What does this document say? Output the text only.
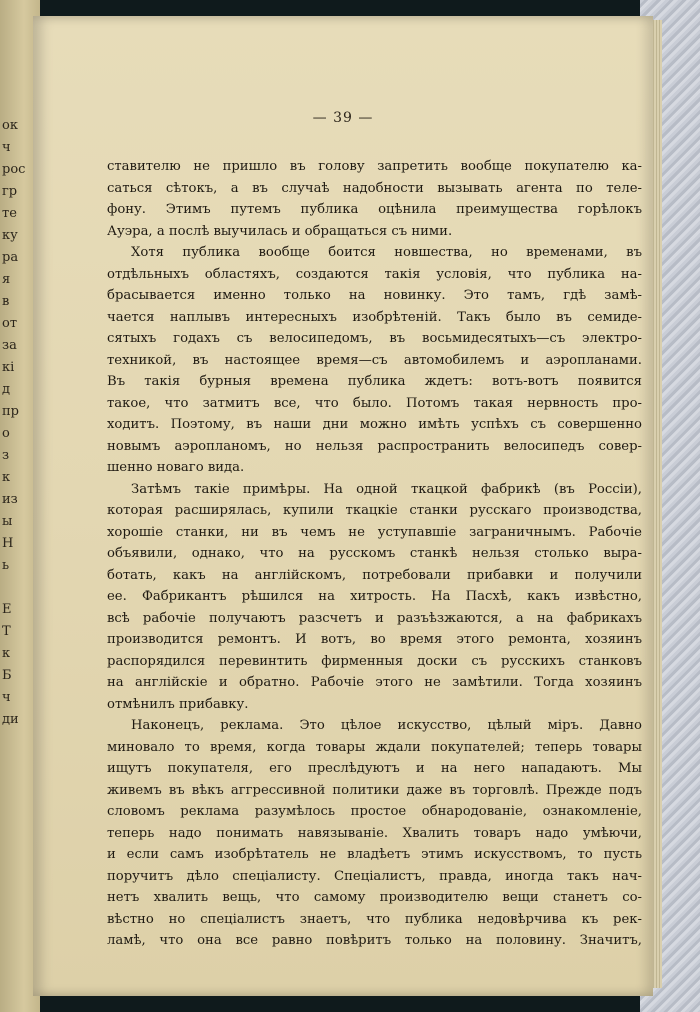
ок
ч
рос
гр
те
ку
ра
я
в
от
за
кі
д
пр
о
з
к
из
ы
Н
ь
Е
Т
к
Б
ч
ди
— 39 —
ставителю не пришло въ голову запретить вообще покупателю ка-
саться сѣтокъ, а въ случаѣ надобности вызывать агента по теле-
фону. Этимъ путемъ публика оцѣнила преимущества горѣлокъ
Ауэра, а послѣ выучилась и обращаться съ ними.
Хотя публика вообще боится новшества, но временами, въ
отдѣльныхъ областяхъ, создаются такія условія, что публика на-
брасывается именно только на новинку. Это тамъ, гдѣ замѣ-
чается наплывъ интересныхъ изобрѣтеній. Такъ было въ семидe-
сятыхъ годахъ съ велосипедомъ, въ восьмидесятыхъ—съ электро-
техникой, въ настоящее время—съ автомобилемъ и аэропланами.
Въ такія бурныя времена публика ждетъ: вотъ-вотъ появится
такое, что затмитъ все, что было. Потомъ такая нервность про-
ходитъ. Поэтому, въ наши дни можно имѣть успѣхъ съ совершенно
новымъ аэропланомъ, но нельзя распространить велосипедъ совер-
шенно новаго вида.
Затѣмъ такіе примѣры. На одной ткацкой фабрикѣ (въ Россіи),
которая расширялась, купили ткацкіе станки русскаго производства,
хорошіе станки, ни въ чемъ не уступавшіе заграничнымъ. Рабочіе
объявили, однако, что на русскомъ станкѣ нельзя столько выра-
ботать, какъ на англійскомъ, потребовали прибавки и получили
ее. Фабрикантъ рѣшился на хитрость. На Пасхѣ, какъ извѣстно,
всѣ рабочіе получаютъ разсчетъ и разъѣзжаются, а на фабрикахъ
производится ремонтъ. И вотъ, во время этого ремонта, хозяинъ
распорядился перевинтить фирменныя доски съ русскихъ станковъ
на англійскіе и обратно. Рабочіе этого не замѣтили. Тогда хозяинъ
отмѣнилъ прибавку.
Наконецъ, реклама. Это цѣлое искусство, цѣлый міръ. Давно
миновало то время, когда товары ждали покупателей; теперь товары
ищутъ покупателя, его преслѣдуютъ и на него нападаютъ. Мы
живемъ въ вѣкъ аггрессивной политики даже въ торговлѣ. Прежде подъ
словомъ реклама разумѣлось простое обнародованіе, ознакомленіе,
теперь надо понимать навязываніе. Хвалить товаръ надо умѣючи,
и если самъ изобрѣтатель не владѣетъ этимъ искусствомъ, то пусть
поручитъ дѣло спеціалисту. Спеціалистъ, правда, иногда такъ нач-
нетъ хвалить вещь, что самому производителю вещи станетъ со-
вѣстно но спеціалистъ знаетъ, что публика недовѣрчива къ рек-
ламѣ, что она все равно повѣритъ только на половину. Значитъ,
